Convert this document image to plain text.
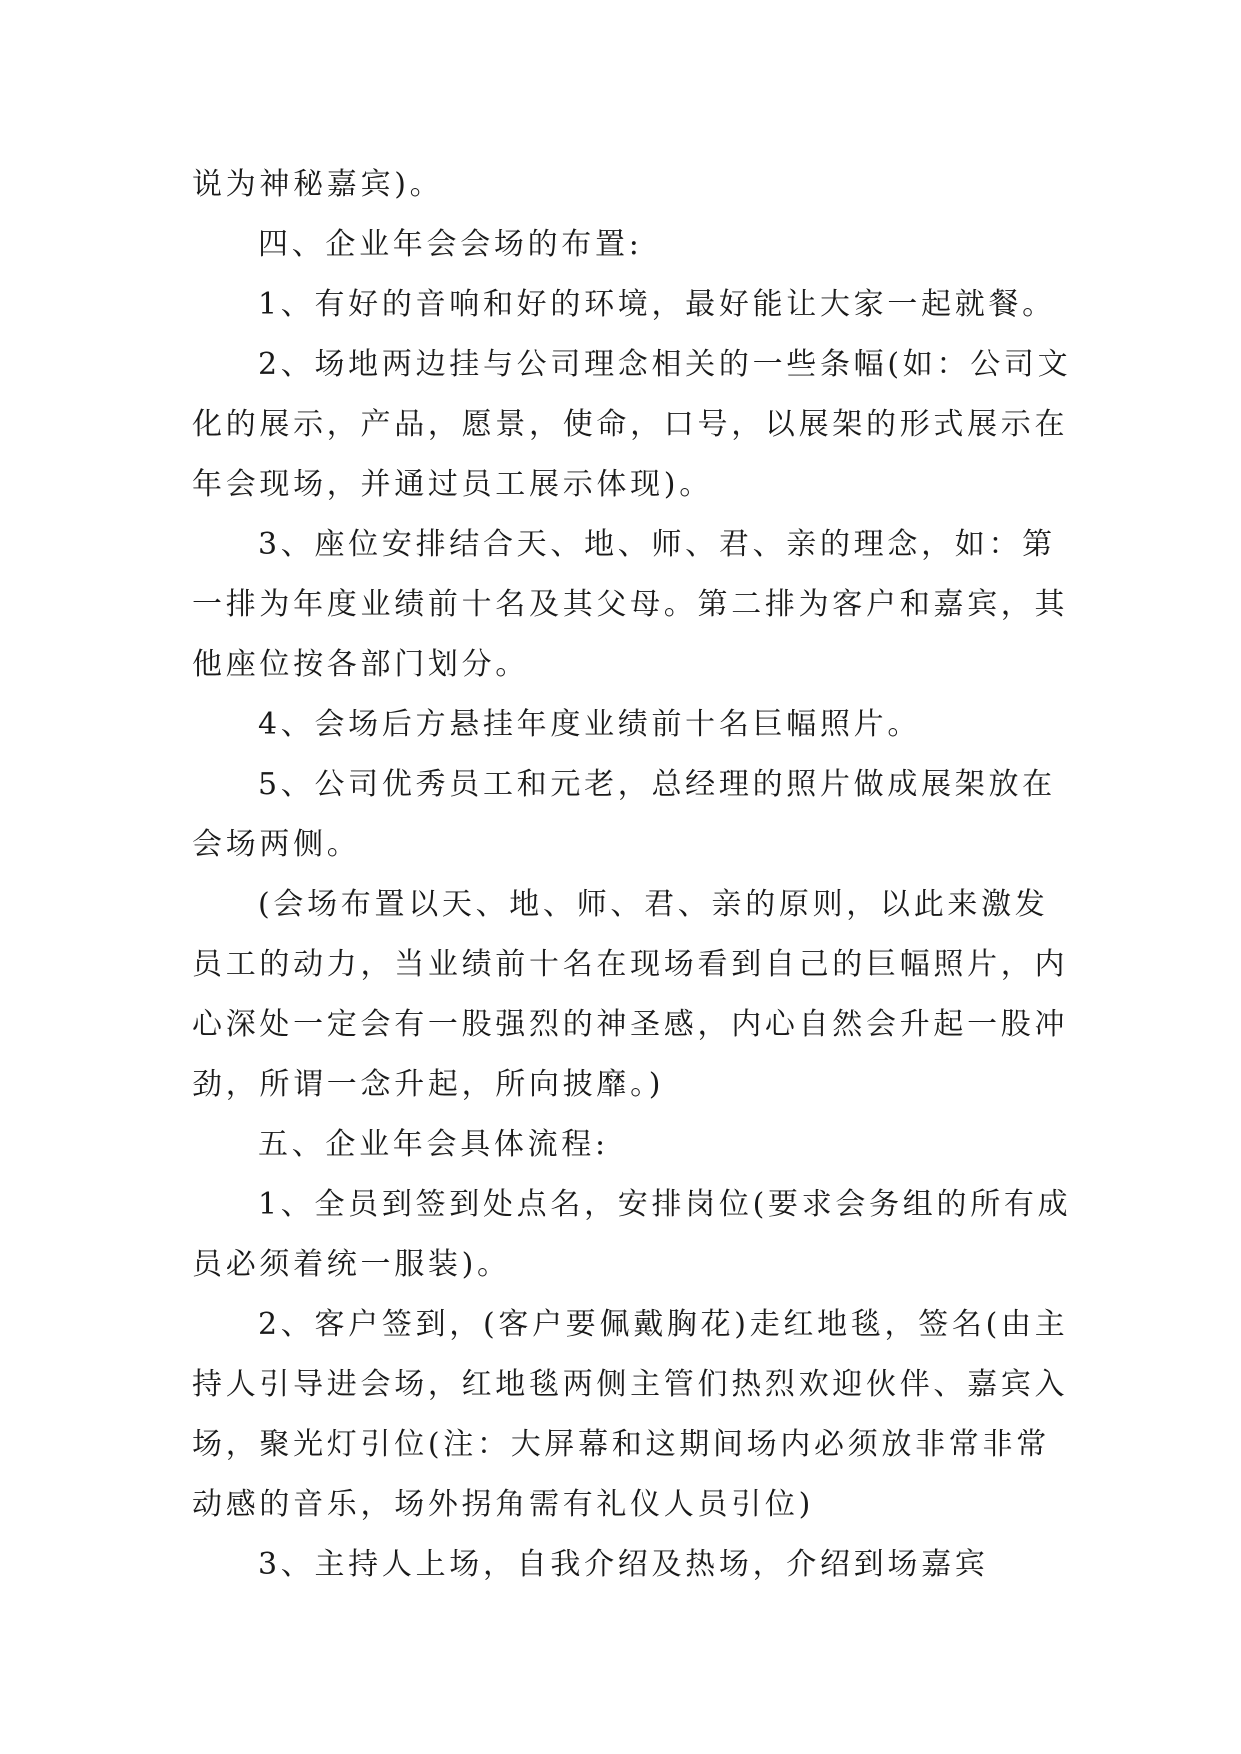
说为神秘嘉宾)。
四、企业年会会场的布置:
1、有好的音响和好的环境，最好能让大家一起就餐。
2、场地两边挂与公司理念相关的一些条幅(如：公司文
化的展示，产品，愿景，使命，口号，以展架的形式展示在
年会现场，并通过员工展示体现)。
3、座位安排结合天、地、师、君、亲的理念，如：第
一排为年度业绩前十名及其父母。第二排为客户和嘉宾，其
他座位按各部门划分。
4、会场后方悬挂年度业绩前十名巨幅照片。
5、公司优秀员工和元老，总经理的照片做成展架放在
会场两侧。
(会场布置以天、地、师、君、亲的原则，以此来激发
员工的动力，当业绩前十名在现场看到自己的巨幅照片，内
心深处一定会有一股强烈的神圣感，内心自然会升起一股冲
劲，所谓一念升起，所向披靡。)
五、企业年会具体流程:
1、全员到签到处点名，安排岗位(要求会务组的所有成
员必须着统一服装)。
2、客户签到，(客户要佩戴胸花)走红地毯，签名(由主
持人引导进会场，红地毯两侧主管们热烈欢迎伙伴、嘉宾入
场，聚光灯引位(注：大屏幕和这期间场内必须放非常非常
动感的音乐，场外拐角需有礼仪人员引位)
3、主持人上场，自我介绍及热场，介绍到场嘉宾
